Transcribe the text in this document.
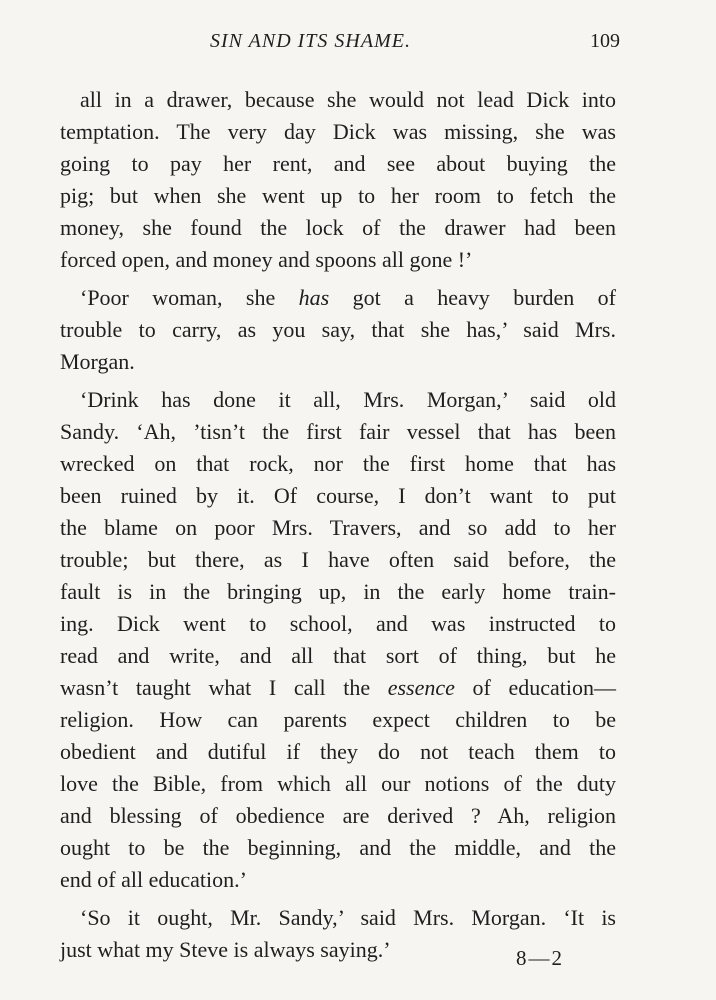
SIN AND ITS SHAME.	109
all in a drawer, because she would not lead Dick into
temptation. The very day Dick was missing, she was
going to pay her rent, and see about buying the
pig; but when she went up to her room to fetch the
money, she found the lock of the drawer had been
forced open, and money and spoons all gone !’
‘Poor woman, she has got a heavy burden of
trouble to carry, as you say, that she has,’ said Mrs.
Morgan.
‘Drink has done it all, Mrs. Morgan,’ said old
Sandy. ‘Ah, ’tisn’t the first fair vessel that has been
wrecked on that rock, nor the first home that has
been ruined by it. Of course, I don’t want to put
the blame on poor Mrs. Travers, and so add to her
trouble; but there, as I have often said before, the
fault is in the bringing up, in the early home train-
ing. Dick went to school, and was instructed to
read and write, and all that sort of thing, but he
wasn’t taught what I call the essence of education—
religion. How can parents expect children to be
obedient and dutiful if they do not teach them to
love the Bible, from which all our notions of the duty
and blessing of obedience are derived ? Ah, religion
ought to be the beginning, and the middle, and the
end of all education.’
‘So it ought, Mr. Sandy,’ said Mrs. Morgan. ‘It is
just what my Steve is always saying.’	8—2
